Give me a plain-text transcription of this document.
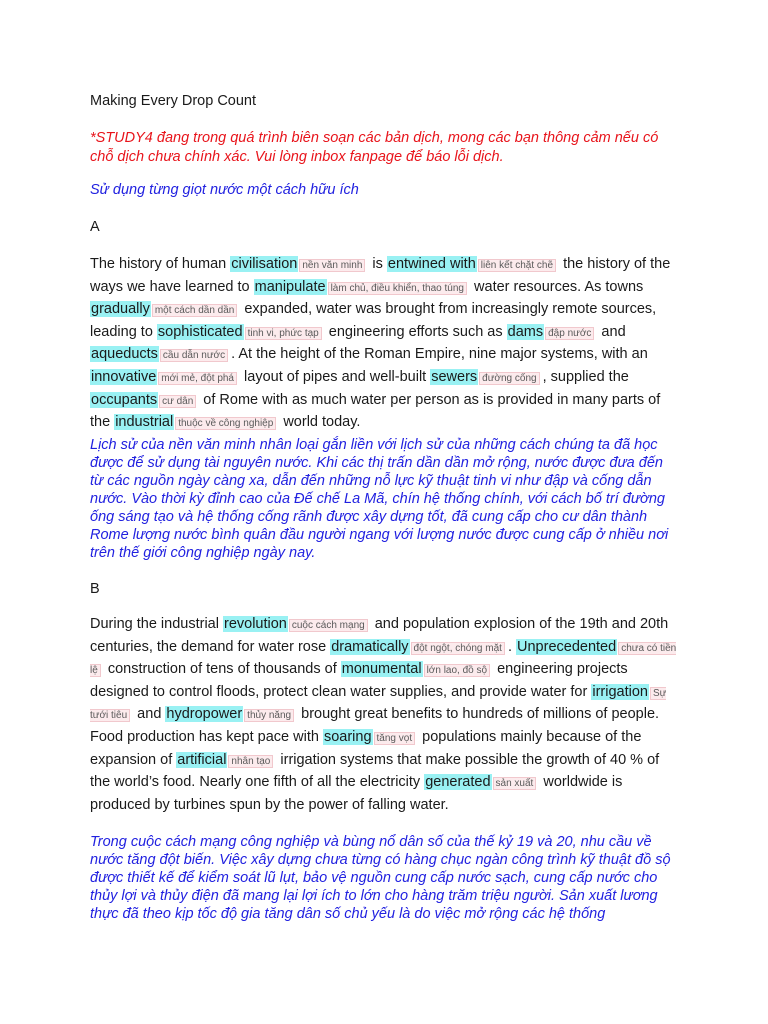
Making Every Drop Count

*STUDY4 đang trong quá trình biên soạn các bản dịch, mong các bạn thông cảm nếu có chỗ dịch chưa chính xác. Vui lòng inbox fanpage để báo lỗi dịch.

Sử dụng từng giọt nước một cách hữu ích

A

The history of human civilisation nền văn minh is entwined with liên kết chặt chẽ the history of the ways we have learned to manipulate làm chủ, điều khiển, thao túng water resources. As towns gradually một cách dần dần expanded, water was brought from increasingly remote sources, leading to sophisticated tinh vi, phức tạp engineering efforts such as dams đập nước and aqueducts cầu dẫn nước . At the height of the Roman Empire, nine major systems, with an innovative mới mẻ, đột phá layout of pipes and well-built sewers đường cống , supplied the occupants cư dân of Rome with as much water per person as is provided in many parts of the industrial thuộc về công nghiệp world today.

Lịch sử của nền văn minh nhân loại gắn liền với lịch sử của những cách chúng ta đã học được để sử dụng tài nguyên nước. Khi các thị trấn dần dần mở rộng, nước được đưa đến từ các nguồn ngày càng xa, dẫn đến những nỗ lực kỹ thuật tinh vi như đập và cống dẫn nước. Vào thời kỳ đỉnh cao của Đế chế La Mã, chín hệ thống chính, với cách bố trí đường ống sáng tạo và hệ thống cống rãnh được xây dựng tốt, đã cung cấp cho cư dân thành Rome lượng nước bình quân đầu người ngang với lượng nước được cung cấp ở nhiều nơi trên thế giới công nghiệp ngày nay.

B

During the industrial revolution cuộc cách mạng and population explosion of the 19th and 20th centuries, the demand for water rose dramatically đột ngột, chóng mặt . Unprecedented chưa có tiền lệ construction of tens of thousands of monumental lớn lao, đồ sộ engineering projects designed to control floods, protect clean water supplies, and provide water for irrigation Sự tưới tiêu and hydropower thủy năng brought great benefits to hundreds of millions of people. Food production has kept pace with soaring tăng vọt populations mainly because of the expansion of artificial nhân tạo irrigation systems that make possible the growth of 40 % of the world’s food. Nearly one fifth of all the electricity generated sản xuất worldwide is produced by turbines spun by the power of falling water.

Trong cuộc cách mạng công nghiệp và bùng nổ dân số của thế kỷ 19 và 20, nhu cầu về nước tăng đột biến. Việc xây dựng chưa từng có hàng chục ngàn công trình kỹ thuật đồ sộ được thiết kế để kiểm soát lũ lụt, bảo vệ nguồn cung cấp nước sạch, cung cấp nước cho thủy lợi và thủy điện đã mang lại lợi ích to lớn cho hàng trăm triệu người. Sản xuất lương thực đã theo kịp tốc độ gia tăng dân số chủ yếu là do việc mở rộng các hệ thống
